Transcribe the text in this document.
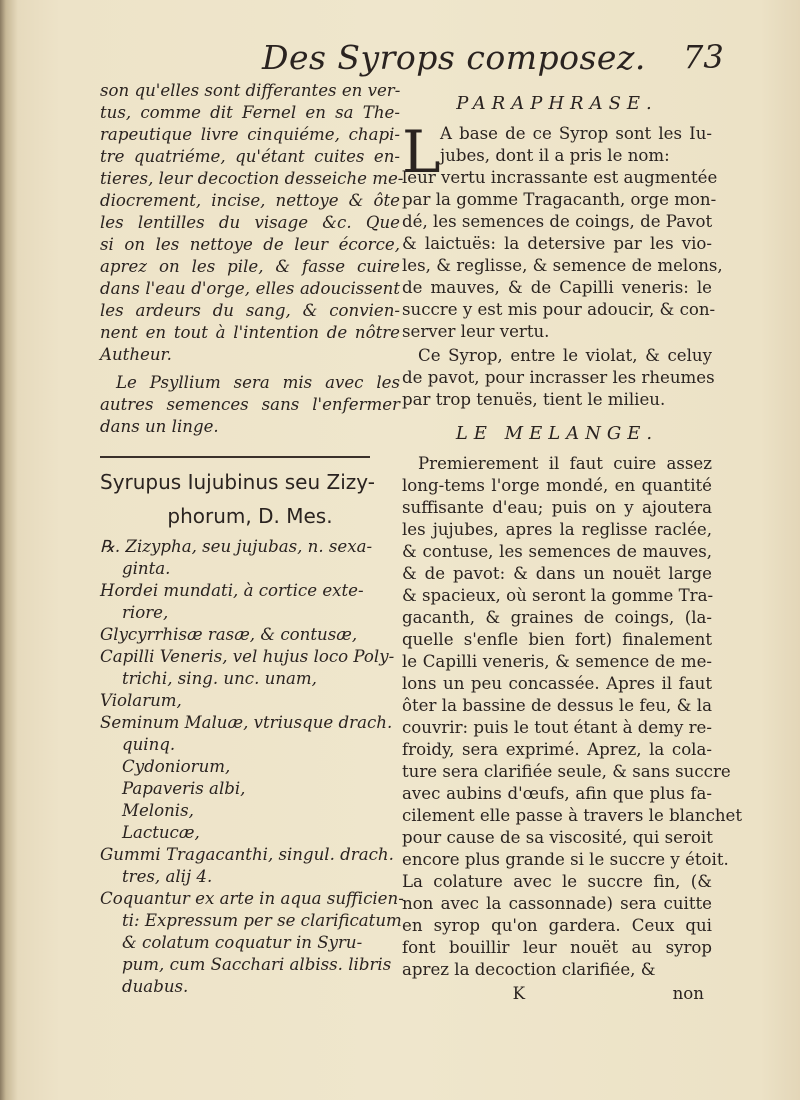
Des Syrops composez. 73
son qu'elles sont differantes en ver-
tus, comme dit Fernel en sa The-
rapeutique livre cinquiéme, chapi-
tre quatriéme, qu'étant cuites en-
tieres, leur decoction desseiche me-
diocrement, incise, nettoye & ôte
les lentilles du visage &c. Que
si on les nettoye de leur écorce,
aprez on les pile, & fasse cuire
dans l'eau d'orge, elles adoucissent
les ardeurs du sang, & convien-
nent en tout à l'intention de nôtre
Autheur.
Le Psyllium sera mis avec les
autres semences sans l'enfermer
dans un linge.
Syrupus Iujubinus seu Zizy-
phorum, D. Mes.
℞. Zizypha, seu jujubas, n. sexa-
ginta.
Hordei mundati, à cortice exte-
riore,
Glycyrrhisæ rasæ, & contusæ,
Capilli Veneris, vel hujus loco Poly-
trichi, sing. unc. unam,
Violarum,
Seminum Maluæ, vtriusque drach.
quinq.
Cydoniorum,
Papaveris albi,
Melonis,
Lactucæ,
Gummi Tragacanthi, singul. drach.
tres, alij 4.
Coquantur ex arte in aqua sufficien-
ti: Expressum per se clarificatum
& colatum coquatur in Syru-
pum, cum Sacchari albiss. libris
duabus.
PARAPHRASE.
L A base de ce Syrop sont les Iu-
jubes, dont il a pris le nom:
leur vertu incrassante est augmentée
par la gomme Tragacanth, orge mon-
dé, les semences de coings, de Pavot
& laictuës: la detersive par les vio-
les, & reglisse, & semence de melons,
de mauves, & de Capilli veneris: le
succre y est mis pour adoucir, & con-
server leur vertu.
Ce Syrop, entre le violat, & celuy
de pavot, pour incrasser les rheumes
par trop tenuës, tient le milieu.
LE MELANGE.
Premierement il faut cuire assez
long-tems l'orge mondé, en quantité
suffisante d'eau; puis on y ajoutera
les jujubes, apres la reglisse raclée,
& contuse, les semences de mauves,
& de pavot: & dans un nouët large
& spacieux, où seront la gomme Tra-
gacanth, & graines de coings, (la-
quelle s'enfle bien fort) finalement
le Capilli veneris, & semence de me-
lons un peu concassée. Apres il faut
ôter la bassine de dessus le feu, & la
couvrir: puis le tout étant à demy re-
froidy, sera exprimé. Aprez, la cola-
ture sera clarifiée seule, & sans succre
avec aubins d'œufs, afin que plus fa-
cilement elle passe à travers le blanchet
pour cause de sa viscosité, qui seroit
encore plus grande si le succre y étoit.
La colature avec le succre fin, (&
non avec la cassonnade) sera cuitte
en syrop qu'on gardera. Ceux qui
font bouillir leur nouët au syrop
aprez la decoction clarifiée, &
K	non
